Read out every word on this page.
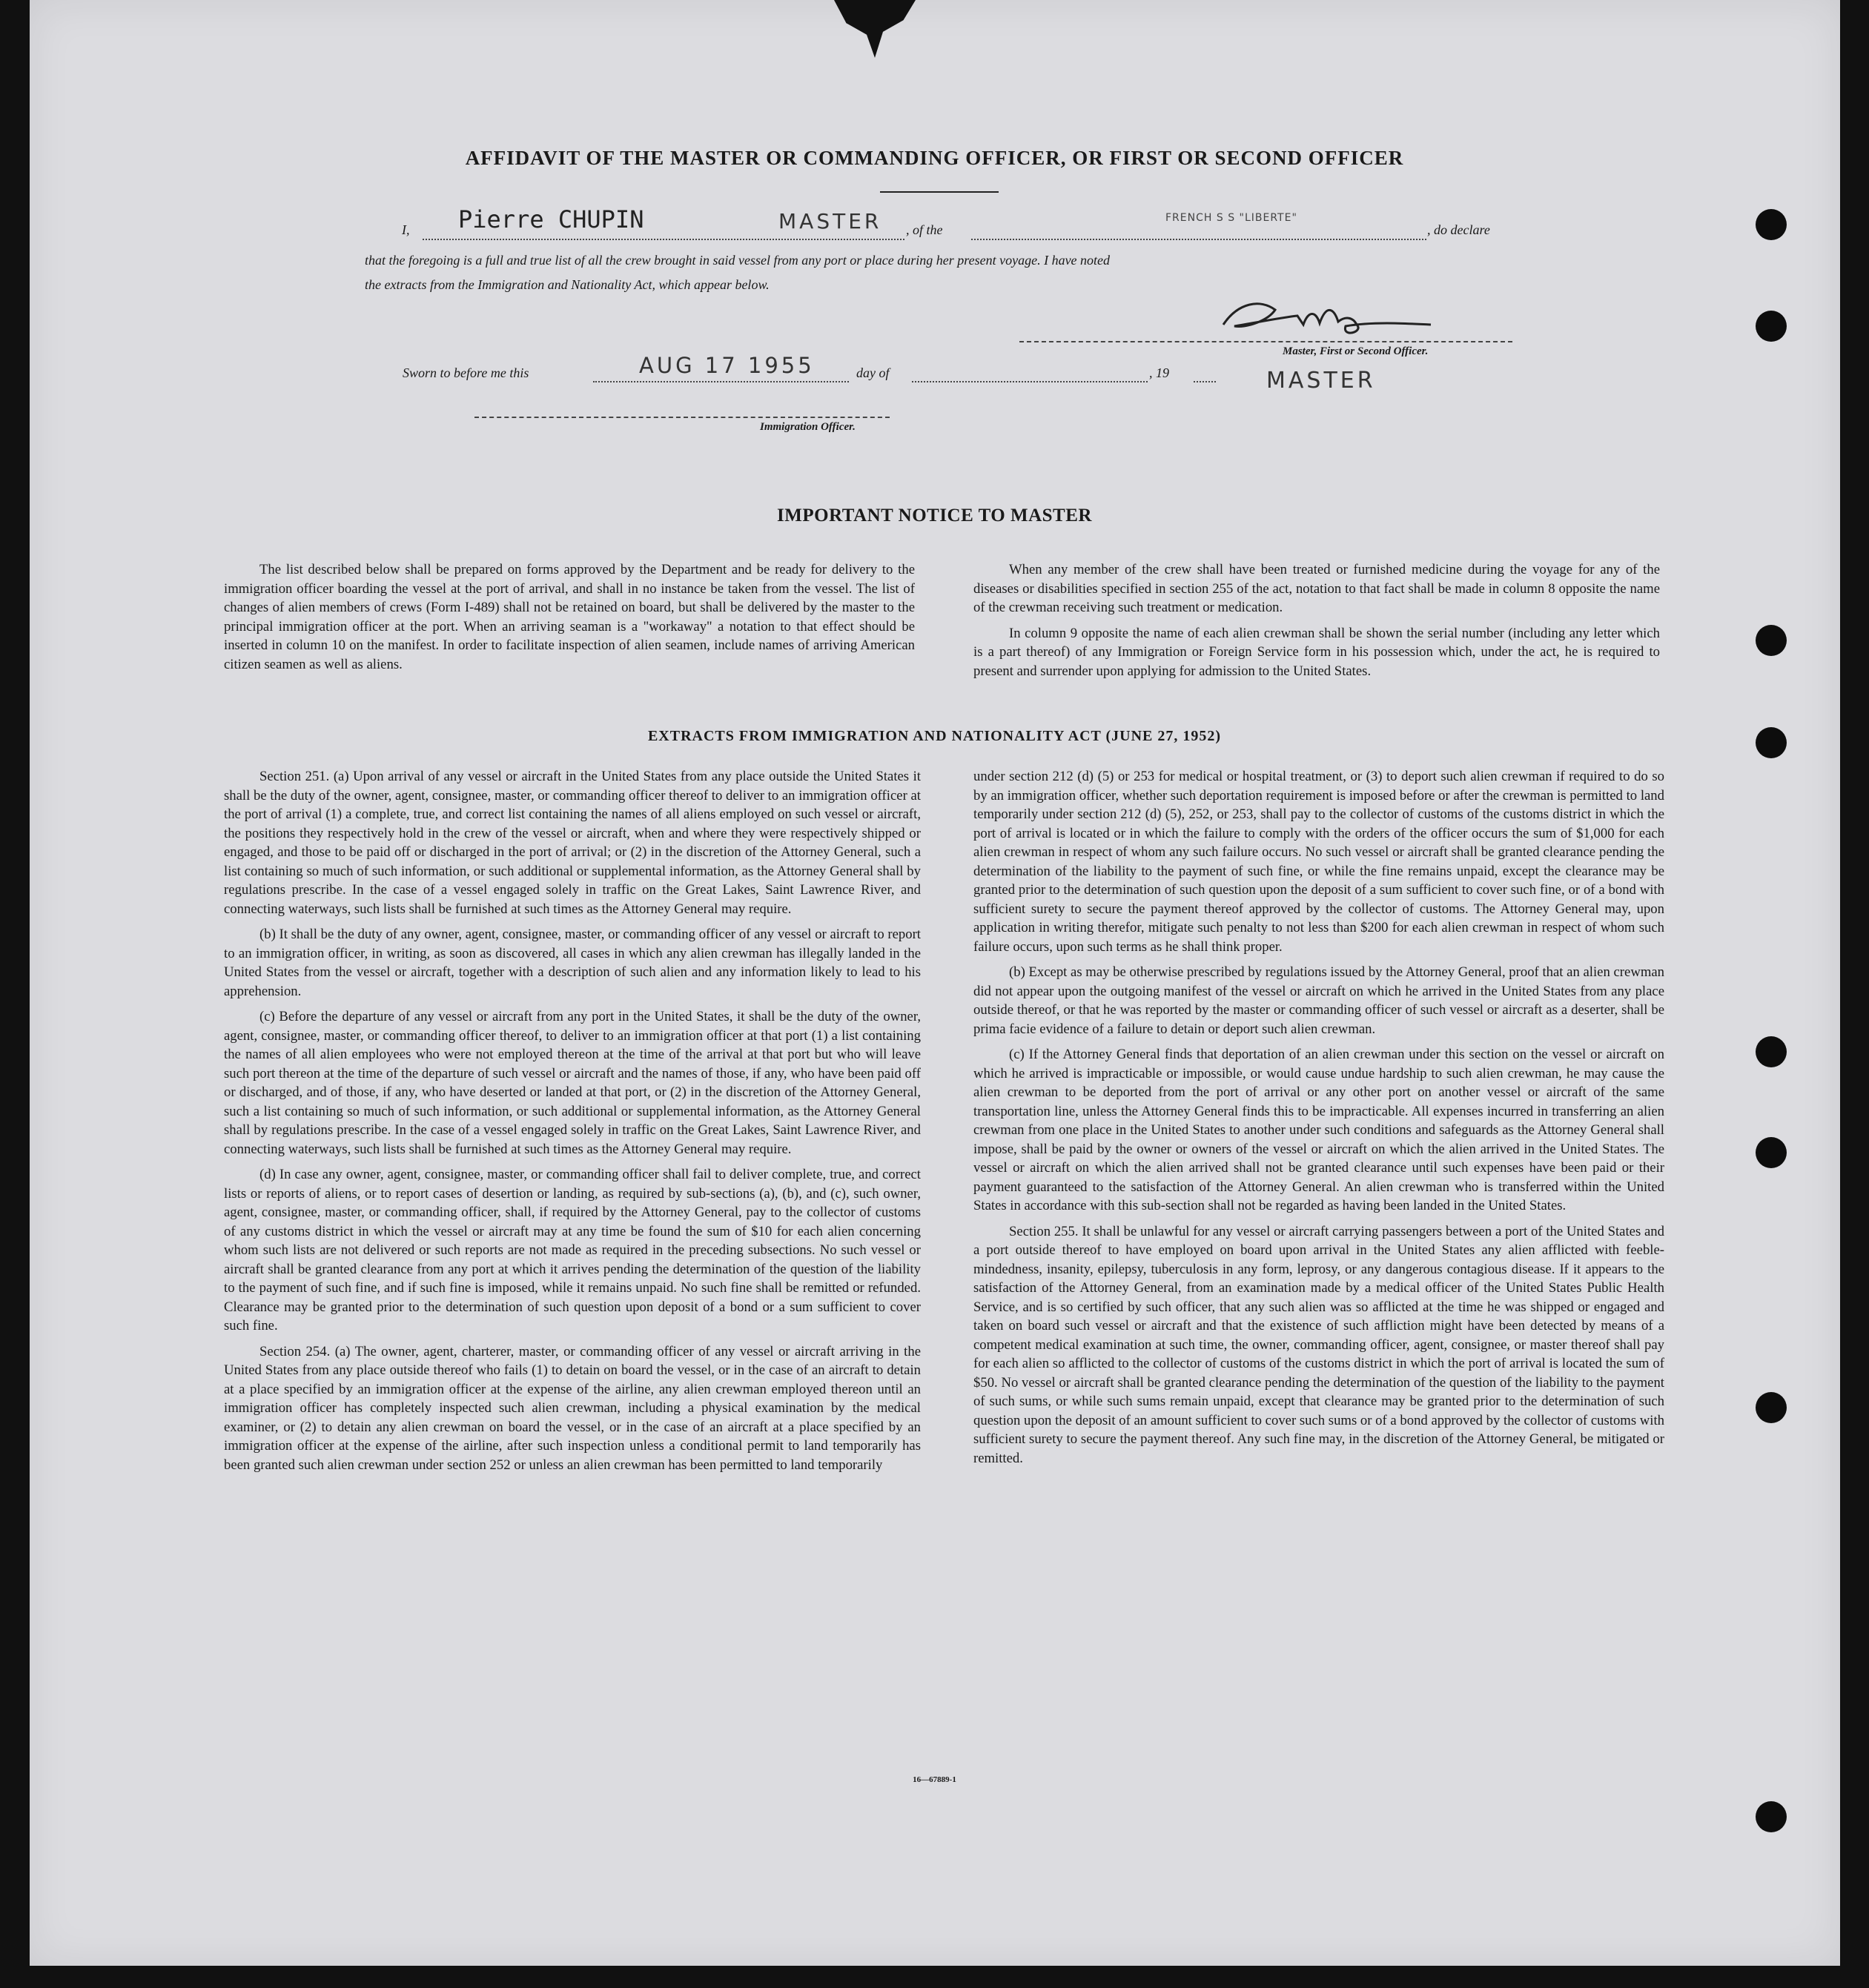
AFFIDAVIT OF THE MASTER OR COMMANDING OFFICER, OR FIRST OR SECOND OFFICER
I, Pierre CHUPIN	MASTER , of the
FRENCH S S "LIBERTE"
, do declare
that the foregoing is a full and true list of all the crew brought in said vessel from any port or place during her present voyage. I have noted
the extracts from the Immigration and Nationality Act, which appear below.
Master, First or Second Officer.
Sworn to before me this	AUG 17 1955	day of	, 19	MASTER
Immigration Officer.
IMPORTANT NOTICE TO MASTER

The list described below shall be prepared on forms approved by the Department and be ready for delivery to the immigration officer boarding the vessel at the port of arrival, and shall in no instance be taken from the vessel. The list of changes of alien members of crews (Form I-489) shall not be retained on board, but shall be delivered by the master to the principal immigration officer at the port. When an arriving seaman is a "workaway" a notation to that effect should be inserted in column 10 on the manifest. In order to facilitate inspection of alien seamen, include names of arriving American citizen seamen as well as aliens.

When any member of the crew shall have been treated or furnished medicine during the voyage for any of the diseases or disabilities specified in section 255 of the act, notation to that fact shall be made in column 8 opposite the name of the crewman receiving such treatment or medication.

In column 9 opposite the name of each alien crewman shall be shown the serial number (including any letter which is a part thereof) of any Immigration or Foreign Service form in his possession which, under the act, he is required to present and surrender upon applying for admission to the United States.

EXTRACTS FROM IMMIGRATION AND NATIONALITY ACT (JUNE 27, 1952)

Section 251. (a) Upon arrival of any vessel or aircraft in the United States from any place outside the United States it shall be the duty of the owner, agent, consignee, master, or commanding officer thereof to deliver to an immigration officer at the port of arrival (1) a complete, true, and correct list containing the names of all aliens employed on such vessel or aircraft, the positions they respectively hold in the crew of the vessel or aircraft, when and where they were respectively shipped or engaged, and those to be paid off or discharged in the port of arrival; or (2) in the discretion of the Attorney General, such a list containing so much of such information, or such additional or supplemental information, as the Attorney General shall by regulations prescribe. In the case of a vessel engaged solely in traffic on the Great Lakes, Saint Lawrence River, and connecting waterways, such lists shall be furnished at such times as the Attorney General may require.

(b) It shall be the duty of any owner, agent, consignee, master, or commanding officer of any vessel or aircraft to report to an immigration officer, in writing, as soon as discovered, all cases in which any alien crewman has illegally landed in the United States from the vessel or aircraft, together with a description of such alien and any information likely to lead to his apprehension.

(c) Before the departure of any vessel or aircraft from any port in the United States, it shall be the duty of the owner, agent, consignee, master, or commanding officer thereof, to deliver to an immigration officer at that port (1) a list containing the names of all alien employees who were not employed thereon at the time of the arrival at that port but who will leave such port thereon at the time of the departure of such vessel or aircraft and the names of those, if any, who have been paid off or discharged, and of those, if any, who have deserted or landed at that port, or (2) in the discretion of the Attorney General, such a list containing so much of such information, or such additional or supplemental information, as the Attorney General shall by regulations prescribe. In the case of a vessel engaged solely in traffic on the Great Lakes, Saint Lawrence River, and connecting waterways, such lists shall be furnished at such times as the Attorney General may require.

(d) In case any owner, agent, consignee, master, or commanding officer shall fail to deliver complete, true, and correct lists or reports of aliens, or to report cases of desertion or landing, as required by sub-sections (a), (b), and (c), such owner, agent, consignee, master, or commanding officer, shall, if required by the Attorney General, pay to the collector of customs of any customs district in which the vessel or aircraft may at any time be found the sum of $10 for each alien concerning whom such lists are not delivered or such reports are not made as required in the preceding subsections. No such vessel or aircraft shall be granted clearance from any port at which it arrives pending the determination of the question of the liability to the payment of such fine, and if such fine is imposed, while it remains unpaid. No such fine shall be remitted or refunded. Clearance may be granted prior to the determination of such question upon deposit of a bond or a sum sufficient to cover such fine.

Section 254. (a) The owner, agent, charterer, master, or commanding officer of any vessel or aircraft arriving in the United States from any place outside thereof who fails (1) to detain on board the vessel, or in the case of an aircraft to detain at a place specified by an immigration officer at the expense of the airline, any alien crewman employed thereon until an immigration officer has completely inspected such alien crewman, including a physical examination by the medical examiner, or (2) to detain any alien crewman on board the vessel, or in the case of an aircraft at a place specified by an immigration officer at the expense of the airline, after such inspection unless a conditional permit to land temporarily has been granted such alien crewman under section 252 or unless an alien crewman has been permitted to land temporarily

under section 212 (d) (5) or 253 for medical or hospital treatment, or (3) to deport such alien crewman if required to do so by an immigration officer, whether such deportation requirement is imposed before or after the crewman is permitted to land temporarily under section 212 (d) (5), 252, or 253, shall pay to the collector of customs of the customs district in which the port of arrival is located or in which the failure to comply with the orders of the officer occurs the sum of $1,000 for each alien crewman in respect of whom any such failure occurs. No such vessel or aircraft shall be granted clearance pending the determination of the liability to the payment of such fine, or while the fine remains unpaid, except the clearance may be granted prior to the determination of such question upon the deposit of a sum sufficient to cover such fine, or of a bond with sufficient surety to secure the payment thereof approved by the collector of customs. The Attorney General may, upon application in writing therefor, mitigate such penalty to not less than $200 for each alien crewman in respect of whom such failure occurs, upon such terms as he shall think proper.

(b) Except as may be otherwise prescribed by regulations issued by the Attorney General, proof that an alien crewman did not appear upon the outgoing manifest of the vessel or aircraft on which he arrived in the United States from any place outside thereof, or that he was reported by the master or commanding officer of such vessel or aircraft as a deserter, shall be prima facie evidence of a failure to detain or deport such alien crewman.

(c) If the Attorney General finds that deportation of an alien crewman under this section on the vessel or aircraft on which he arrived is impracticable or impossible, or would cause undue hardship to such alien crewman, he may cause the alien crewman to be deported from the port of arrival or any other port on another vessel or aircraft of the same transportation line, unless the Attorney General finds this to be impracticable. All expenses incurred in transferring an alien crewman from one place in the United States to another under such conditions and safeguards as the Attorney General shall impose, shall be paid by the owner or owners of the vessel or aircraft on which the alien arrived in the United States. The vessel or aircraft on which the alien arrived shall not be granted clearance until such expenses have been paid or their payment guaranteed to the satisfaction of the Attorney General. An alien crewman who is transferred within the United States in accordance with this sub-section shall not be regarded as having been landed in the United States.

Section 255. It shall be unlawful for any vessel or aircraft carrying passengers between a port of the United States and a port outside thereof to have employed on board upon arrival in the United States any alien afflicted with feeble-mindedness, insanity, epilepsy, tuberculosis in any form, leprosy, or any dangerous contagious disease. If it appears to the satisfaction of the Attorney General, from an examination made by a medical officer of the United States Public Health Service, and is so certified by such officer, that any such alien was so afflicted at the time he was shipped or engaged and taken on board such vessel or aircraft and that the existence of such affliction might have been detected by means of a competent medical examination at such time, the owner, commanding officer, agent, consignee, or master thereof shall pay for each alien so afflicted to the collector of customs of the customs district in which the port of arrival is located the sum of $50. No vessel or aircraft shall be granted clearance pending the determination of the question of the liability to the payment of such sums, or while such sums remain unpaid, except that clearance may be granted prior to the determination of such question upon the deposit of an amount sufficient to cover such sums or of a bond approved by the collector of customs with sufficient surety to secure the payment thereof. Any such fine may, in the discretion of the Attorney General, be mitigated or remitted.

16—67889-1
